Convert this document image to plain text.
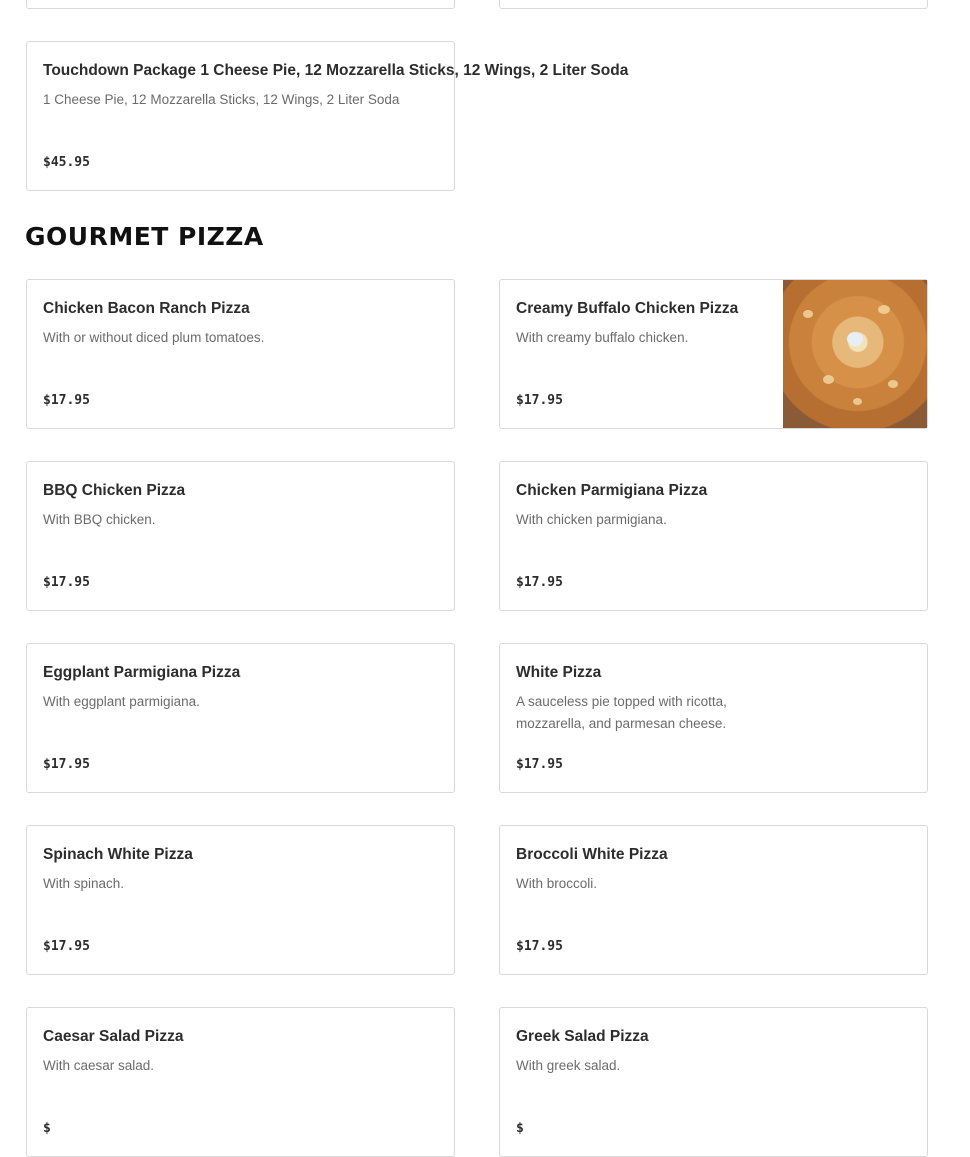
Touchdown Package 1 Cheese Pie, 12 Mozzarella Sticks, 12 Wings, 2 Liter Soda
1 Cheese Pie, 12 Mozzarella Sticks, 12 Wings, 2 Liter Soda
$45.95
GOURMET PIZZA
Chicken Bacon Ranch Pizza
With or without diced plum tomatoes.
$17.95
Creamy Buffalo Chicken Pizza
With creamy buffalo chicken.
$17.95
BBQ Chicken Pizza
With BBQ chicken.
$17.95
Chicken Parmigiana Pizza
With chicken parmigiana.
$17.95
Eggplant Parmigiana Pizza
With eggplant parmigiana.
$17.95
White Pizza
A sauceless pie topped with ricotta,
mozzarella, and parmesan cheese.
$17.95
Spinach White Pizza
With spinach.
$17.95
Broccoli White Pizza
With broccoli.
$17.95
Caesar Salad Pizza
With caesar salad.
$
Greek Salad Pizza
With greek salad.
$
